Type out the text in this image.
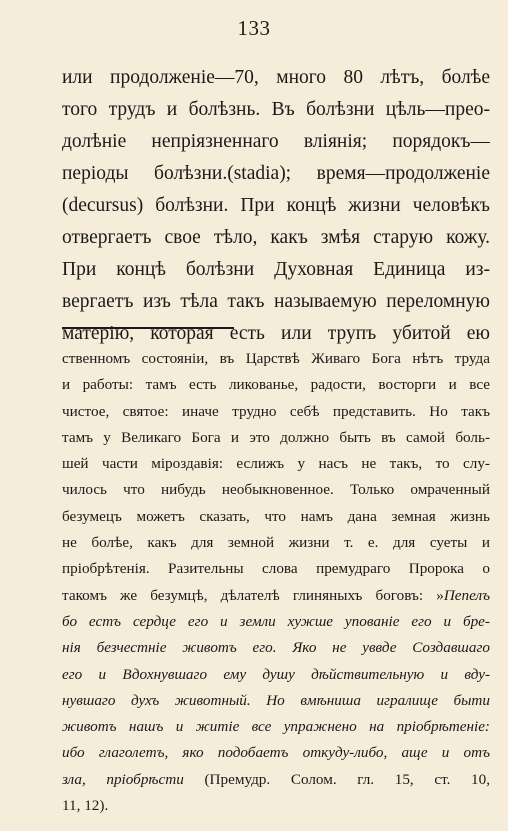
133
или продолженіе—70, много 80 лѣтъ, болѣе
того трудъ и болѣзнь. Въ болѣзни цѣль—прео-
долѣніе непріязненнаго вліянія; порядокъ—
періоды болѣзни.(stadia); время—продолженіе
(decursus) болѣзни. При концѣ жизни человѣкъ
отвергаетъ свое тѣло, какъ змѣя старую кожу.
При концѣ болѣзни Духовная Единица из-
вергаетъ изъ тѣла такъ называемую переломную
матерію, которая есть или трупъ убитой ею
ственномъ состояніи, въ Царствѣ Живаго Бога нѣтъ труда
и работы: тамъ есть ликованье, радости, восторги и все
чистое, святое: иначе трудно себѣ представить. Но такъ
тамъ у Великаго Бога и это должно быть въ самой боль-
шей части міроздавія: еслижъ у насъ не такъ, то слу-
чилось что нибудь необыкновенное. Только омраченный
безумецъ можетъ сказать, что намъ дана земная жизнь
не болѣе, какъ для земной жизни т. е. для суеты и
пріобрѣтенія. Разительны слова премудраго Пророка о
такомъ же безумцѣ, дѣлателѣ глиняныхъ боговъ: »Пепелъ
бо естъ сердце его и земли хужше упованіе его и бре-
нія безчестніе животъ его. Яко не уввде Создавшаго
его и Вдохнувшаго ему душу дѣйствительную и вду-
нувшаго духъ животный. Но вмѣниша игралище быти
животъ нашъ и житіе все упражнено на пріобрѣтеніе:
ибо глаголетъ, яко подобаетъ откуду-либо, аще и отъ
зла, пріобрѣсти (Премудр. Солом. гл. 15, ст. 10,
11, 12).
